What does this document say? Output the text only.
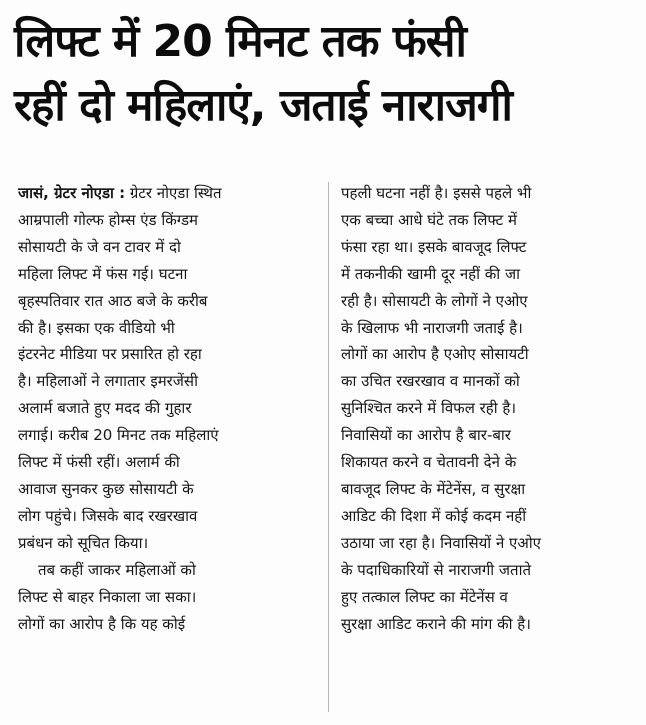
लिफ्ट में 20 मिनट तक फंसी
रहीं दो महिलाएं, जताई नाराजगी
जासं, ग्रेटर नोएडा : ग्रेटर नोएडा स्थित
आम्रपाली गोल्फ होम्स एंड किंग्डम
सोसायटी के जे वन टावर में दो
महिला लिफ्ट में फंस गई। घटना
बृहस्पतिवार रात आठ बजे के करीब
की है। इसका एक वीडियो भी
इंटरनेट मीडिया पर प्रसारित हो रहा
है। महिलाओं ने लगातार इमरजेंसी
अलार्म बजाते हुए मदद की गुहार
लगाई। करीब 20 मिनट तक महिलाएं
लिफ्ट में फंसी रहीं। अलार्म की
आवाज सुनकर कुछ सोसायटी के
लोग पहुंचे। जिसके बाद रखरखाव
प्रबंधन को सूचित किया।
तब कहीं जाकर महिलाओं को
लिफ्ट से बाहर निकाला जा सका।
लोगों का आरोप है कि यह कोई
पहली घटना नहीं है। इससे पहले भी
एक बच्चा आधे घंटे तक लिफ्ट में
फंसा रहा था। इसके बावजूद लिफ्ट
में तकनीकी खामी दूर नहीं की जा
रही है। सोसायटी के लोगों ने एओए
के खिलाफ भी नाराजगी जताई है।
लोगों का आरोप है एओए सोसायटी
का उचित रखरखाव व मानकों को
सुनिश्चित करने में विफल रही है।
निवासियों का आरोप है बार-बार
शिकायत करने व चेतावनी देने के
बावजूद लिफ्ट के मेंटेनेंस, व सुरक्षा
आडिट की दिशा में कोई कदम नहीं
उठाया जा रहा है। निवासियों ने एओए
के पदाधिकारियों से नाराजगी जताते
हुए तत्काल लिफ्ट का मेंटेनेंस व
सुरक्षा आडिट कराने की मांग की है।
